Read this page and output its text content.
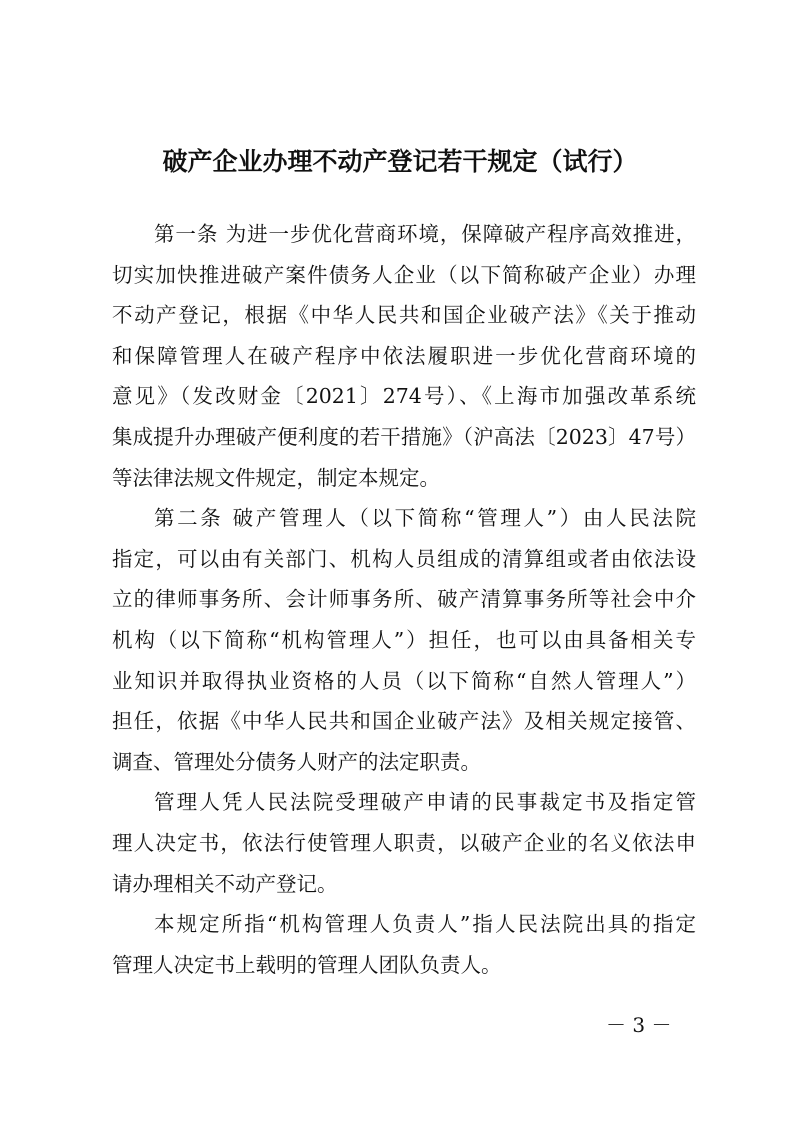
破产企业办理不动产登记若干规定（试行）
第一条 为进一步优化营商环境，保障破产程序高效推进，
切实加快推进破产案件债务人企业（以下简称破产企业）办理
不动产登记，根据《中华人民共和国企业破产法》《关于推动
和保障管理人在破产程序中依法履职进一步优化营商环境的
意见》（发改财金〔2021〕274号）、《上海市加强改革系统
集成提升办理破产便利度的若干措施》（沪高法〔2023〕47号）
等法律法规文件规定，制定本规定。
第二条 破产管理人（以下简称“管理人”）由人民法院
指定，可以由有关部门、机构人员组成的清算组或者由依法设
立的律师事务所、会计师事务所、破产清算事务所等社会中介
机构（以下简称“机构管理人”）担任，也可以由具备相关专
业知识并取得执业资格的人员（以下简称“自然人管理人”）
担任，依据《中华人民共和国企业破产法》及相关规定接管、
调查、管理处分债务人财产的法定职责。
管理人凭人民法院受理破产申请的民事裁定书及指定管
理人决定书，依法行使管理人职责，以破产企业的名义依法申
请办理相关不动产登记。
本规定所指“机构管理人负责人”指人民法院出具的指定
管理人决定书上载明的管理人团队负责人。
－ 3 －
